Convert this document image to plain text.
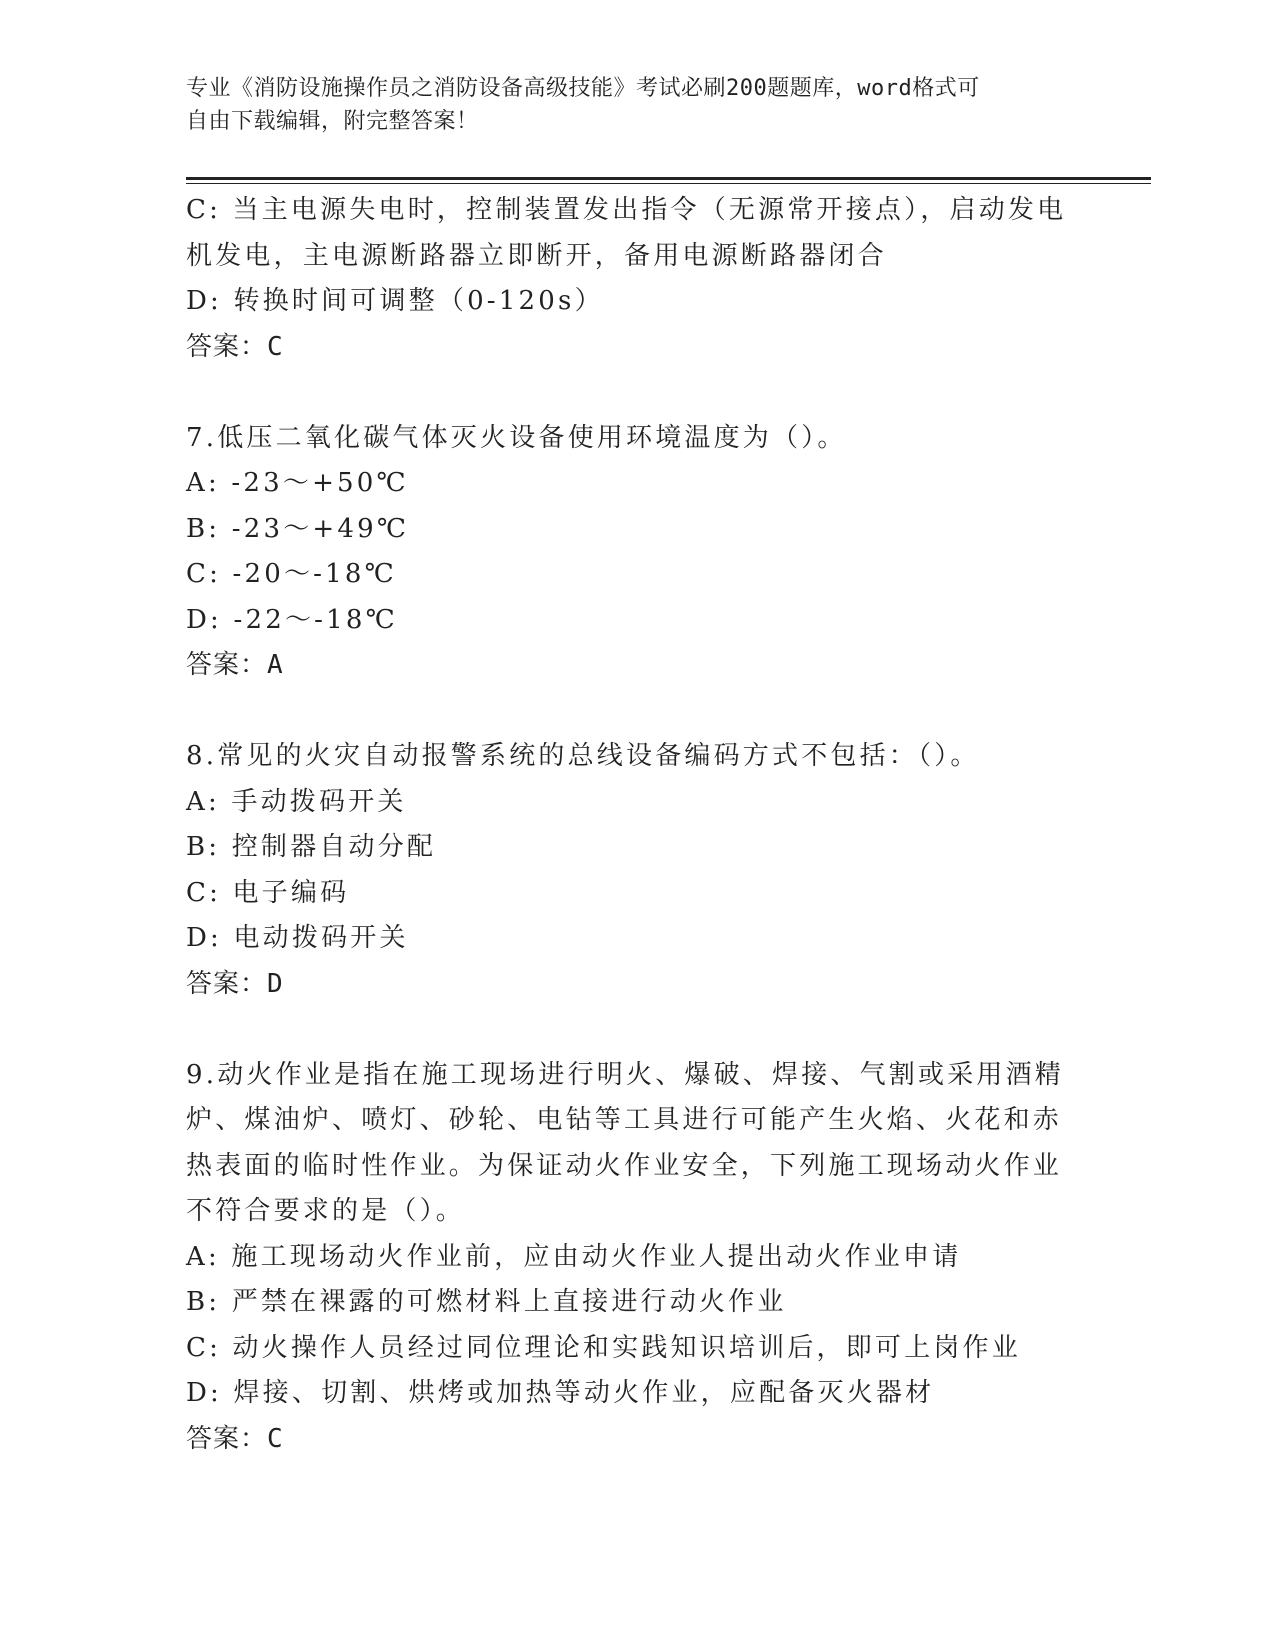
专业《消防设施操作员之消防设备高级技能》考试必刷200题题库，word格式可
自由下载编辑，附完整答案！
C: 当主电源失电时，控制装置发出指令（无源常开接点），启动发电
机发电，主电源断路器立即断开，备用电源断路器闭合
D: 转换时间可调整（0-120s）
答案：C
7.低压二氧化碳气体灭火设备使用环境温度为（）。
A: -23～+50℃
B: -23～+49℃
C: -20～-18℃
D: -22～-18℃
答案：A
8.常见的火灾自动报警系统的总线设备编码方式不包括：（）。
A: 手动拨码开关
B: 控制器自动分配
C: 电子编码
D: 电动拨码开关
答案：D
9.动火作业是指在施工现场进行明火、爆破、焊接、气割或采用酒精
炉、煤油炉、喷灯、砂轮、电钻等工具进行可能产生火焰、火花和赤
热表面的临时性作业。为保证动火作业安全，下列施工现场动火作业
不符合要求的是（）。
A: 施工现场动火作业前，应由动火作业人提出动火作业申请
B: 严禁在裸露的可燃材料上直接进行动火作业
C: 动火操作人员经过同位理论和实践知识培训后，即可上岗作业
D: 焊接、切割、烘烤或加热等动火作业，应配备灭火器材
答案：C
